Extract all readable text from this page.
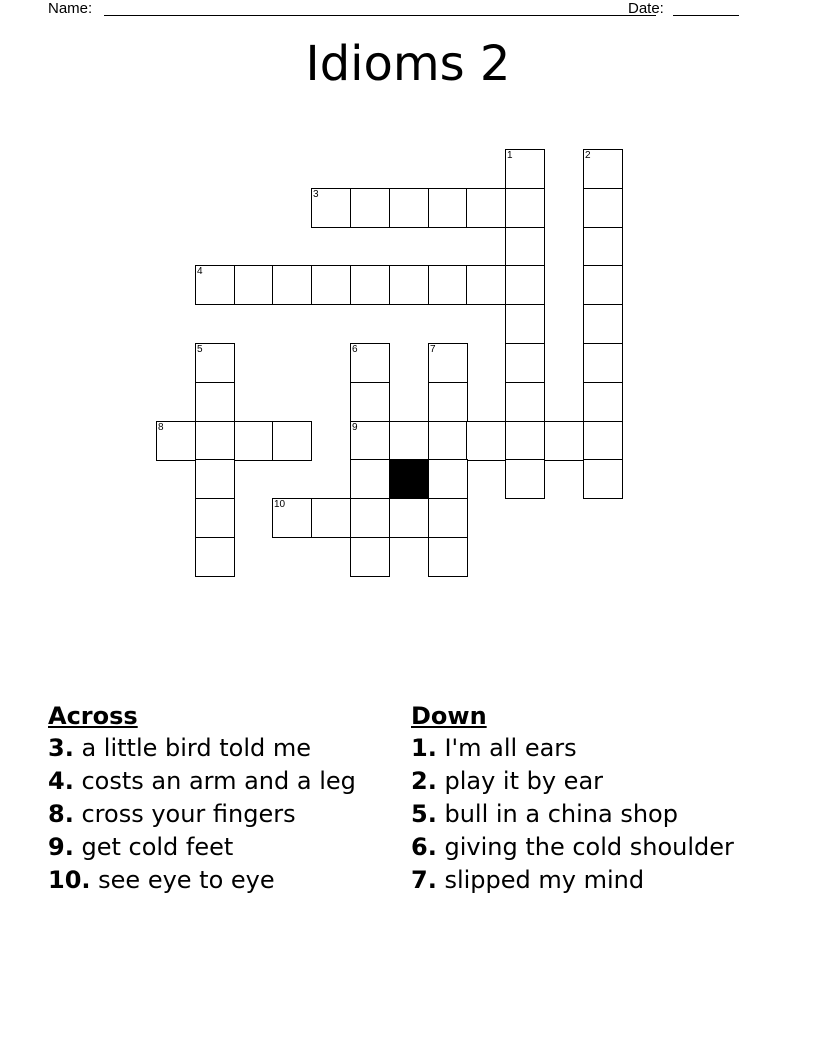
Name:	Date:
Idioms 2
1	2
3
4
5	6	7
8	9
10
Across
3. a little bird told me
4. costs an arm and a leg
8. cross your fingers
9. get cold feet
10. see eye to eye
Down
1. I'm all ears
2. play it by ear
5. bull in a china shop
6. giving the cold shoulder
7. slipped my mind
